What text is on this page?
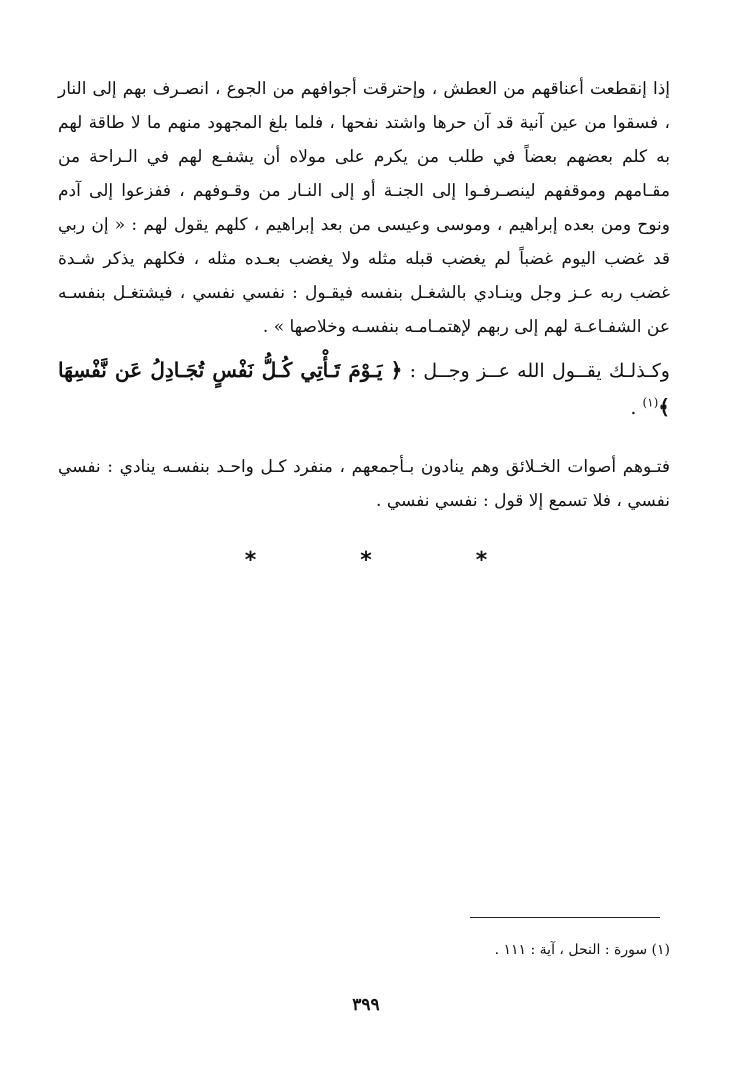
إذا إنقطعت أعناقهم من العطش ، وإحترقت أجوافهم من الجوع ، انصـرف بهم إلى النار ، فسقوا من عين آنية قد آن حرها واشتد نفحها ، فلما بلغ المجهود منهم ما لا طاقة لهم به كلم بعضهم بعضاً في طلب من يكرم على مولاه أن يشفـع لهم في الـراحة من مقـامهم وموقفهم لينصـرفـوا إلى الجنـة أو إلى النـار من وقـوفهم ، ففزعوا إلى آدم ونوح ومن بعده إبراهيم ، وموسى وعيسى من بعد إبراهيم ، كلهم يقول لهم : « إن ربي قد غضب اليوم غضباً لم يغضب قبله مثله ولا يغضب بعـده مثله ، فكلهم يذكر شـدة غضب ربه عـز وجل وينـادي بالشغـل بنفسه فيقـول : نفسي نفسي ، فيشتغـل بنفسـه عن الشفـاعـة لهم إلى ربهم لإهتمـامـه بنفسـه وخلاصها » .

وكـذلـك يقــول الله عــز وجــل : ﴿ يَـوْمَ تَـأْتِي كُـلُّ نَفْسٍ تُجَـادِلُ عَن نَّفْسِهَا ﴾$^{(١)}$ .

فتـوهم أصوات الخـلائق وهم ينادون بـأجمعهم ، منفرد كـل واحـد بنفسـه ينادي : نفسي نفسي ، فلا تسمع إلا قول : نفسي نفسي .

*	*	*
(١) سورة : النحل ، آية : ١١١ .
٣٩٩
